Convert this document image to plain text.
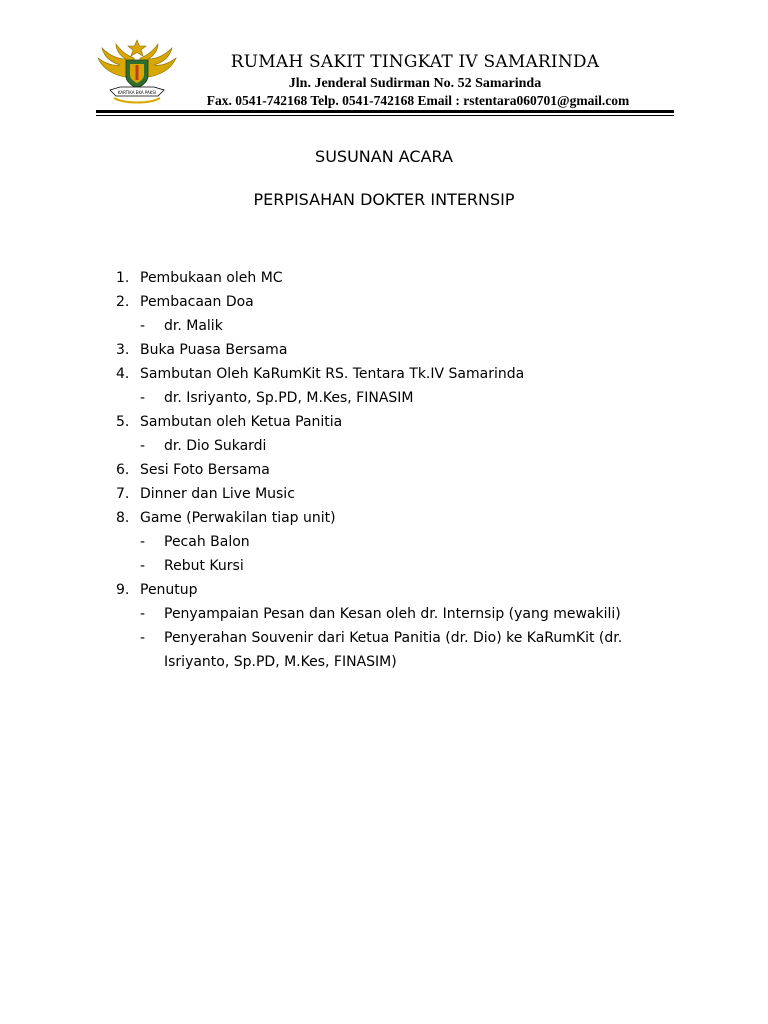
KARTIKA EKA PAKSI
RUMAH SAKIT TINGKAT IV SAMARINDA
Jln. Jenderal Sudirman No. 52 Samarinda
Fax. 0541-742168 Telp. 0541-742168 Email : rstentara060701@gmail.com
SUSUNAN ACARA
PERPISAHAN DOKTER INTERNSIP
1. Pembukaan oleh MC
2. Pembacaan Doa
- dr. Malik
3. Buka Puasa Bersama
4. Sambutan Oleh KaRumKit RS. Tentara Tk.IV Samarinda
- dr. Isriyanto, Sp.PD, M.Kes, FINASIM
5. Sambutan oleh Ketua Panitia
- dr. Dio Sukardi
6. Sesi Foto Bersama
7. Dinner dan Live Music
8. Game (Perwakilan tiap unit)
- Pecah Balon
- Rebut Kursi
9. Penutup
- Penyampaian Pesan dan Kesan oleh dr. Internsip (yang mewakili)
- Penyerahan Souvenir dari Ketua Panitia (dr. Dio) ke KaRumKit (dr. Isriyanto, Sp.PD, M.Kes, FINASIM)
